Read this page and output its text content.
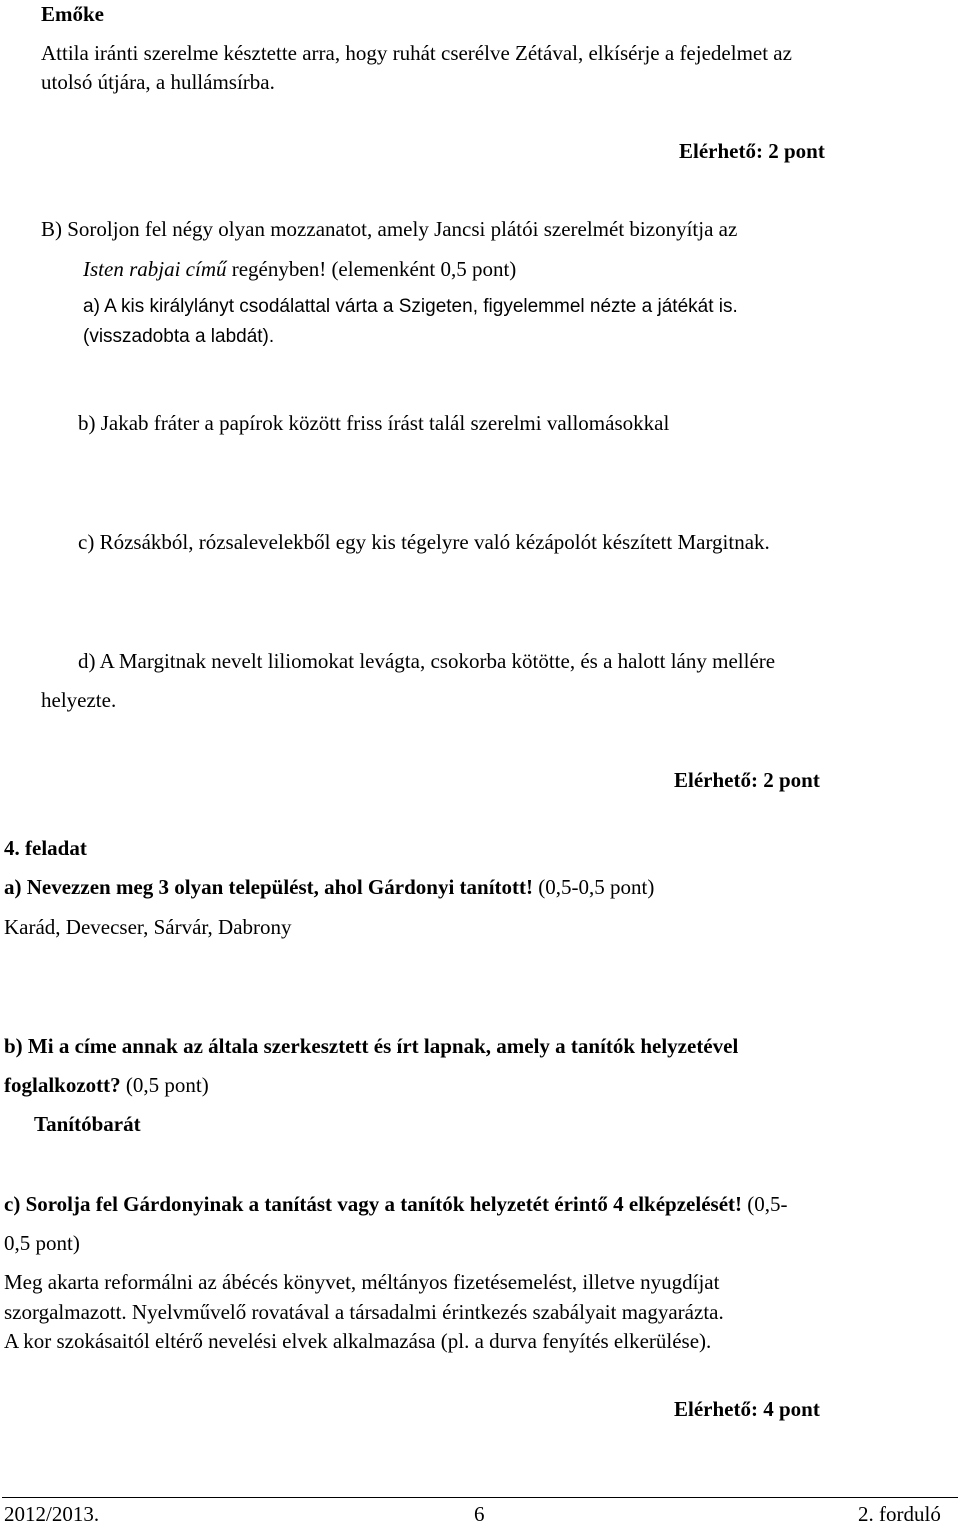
Emőke
Attila iránti szerelme késztette arra, hogy ruhát cserélve Zétával, elkísérje a fejedelmet az
utolsó útjára, a hullámsírba.
Elérhető: 2 pont
B) Soroljon fel négy olyan mozzanatot, amely Jancsi plátói szerelmét bizonyítja az
Isten rabjai című regényben! (elemenként 0,5 pont)
a) A kis királylányt csodálattal várta a Szigeten, figyelemmel nézte a játékát is.
(visszadobta a labdát).
b) Jakab fráter a papírok között friss írást talál szerelmi vallomásokkal
c) Rózsákból, rózsalevelekből egy kis tégelyre való kézápolót készített Margitnak.
d) A Margitnak nevelt liliomokat levágta, csokorba kötötte, és a halott lány mellére
helyezte.
Elérhető: 2 pont
4. feladat
a) Nevezzen meg 3 olyan települést, ahol Gárdonyi tanított! (0,5-0,5 pont)
Karád, Devecser, Sárvár, Dabrony
b) Mi a címe annak az általa szerkesztett és írt lapnak, amely a tanítók helyzetével
foglalkozott? (0,5 pont)
Tanítóbarát
c) Sorolja fel Gárdonyinak a tanítást vagy a tanítók helyzetét érintő 4 elképzelését! (0,5-
0,5 pont)
Meg akarta reformálni az ábécés könyvet, méltányos fizetésemelést, illetve nyugdíjat
szorgalmazott. Nyelvművelő rovatával a társadalmi érintkezés szabályait magyarázta.
A kor szokásaitól eltérő nevelési elvek alkalmazása (pl. a durva fenyítés elkerülése).
Elérhető: 4 pont
2012/2013.	6	2. forduló
